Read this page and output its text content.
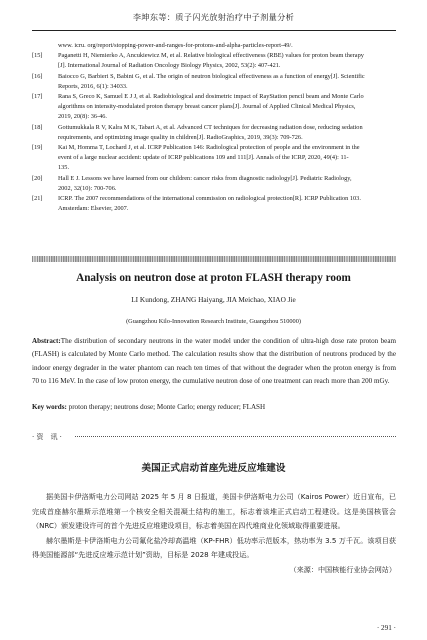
李坤东等：质子闪光放射治疗中子剂量分析
www. icru. org/report/stopping-power-and-ranges-for-protons-and-alpha-particles-report-49/.
[15]	Paganetti H, Niemierko A, Ancukiewicz M, et al. Relative biological effectiveness (RBE) values for proton beam therapy
[J]. International Journal of Radiation Oncology Biology Physics, 2002, 53(2): 407-421.
[16]	Baiocco G, Barbieri S, Babini G, et al. The origin of neutron biological effectiveness as a function of energy[J]. Scientific
Reports, 2016, 6(1): 34033.
[17]	Rana S, Greco K, Samuel E J J, et al. Radiobiological and dosimetric impact of RayStation pencil beam and Monte Carlo
algorithms on intensity-modulated proton therapy breast cancer plans[J]. Journal of Applied Clinical Medical Physics,
2019, 20(8): 36-46.
[18]	Gottumukkala R V, Kalra M K, Tabari A, et al. Advanced CT techniques for decreasing radiation dose, reducing sedation
requirements, and optimizing image quality in children[J]. RadioGraphics, 2019, 39(3): 709-726.
[19]	Kai M, Homma T, Lochard J, et al. ICRP Publication 146: Radiological protection of people and the environment in the
event of a large nuclear accident: update of ICRP publications 109 and 111[J]. Annals of the ICRP, 2020, 49(4): 11-
135.
[20]	Hall E J. Lessons we have learned from our children: cancer risks from diagnostic radiology[J]. Pediatric Radiology,
2002, 32(10): 700-706.
[21]	ICRP. The 2007 recommendations of the international commission on radiological protection[R]. ICRP Publication 103.
Amsterdam: Elsevier, 2007.
Analysis on neutron dose at proton FLASH therapy room
LI Kundong, ZHANG Haiyang, JIA Meichao, XIAO Jie
(Guangzhou Kilo-Innovation Research Institute, Guangzhou 510000)
Abstract:The distribution of secondary neutrons in the water model under the condition of ultra-high dose rate proton beam (FLASH) is calculated by Monte Carlo method. The calculation results show that the distribution of neutrons produced by the indoor energy degrader in the water phantom can reach ten times of that without the degrader when the proton energy is from 70 to 116 MeV. In the case of low proton energy, the cumulative neutron dose of one treatment can reach more than 200 mGy.
Key words: proton therapy; neutrons dose; Monte Carlo; energy reducer; FLASH
· 资　讯 ·
美国正式启动首座先进反应堆建设

据美国卡伊洛斯电力公司网站 2025 年 5 月 8 日报道，美国卡伊洛斯电力公司（Kairos Power）近日宣布，已完成首座赫尔墨斯示范堆第一个核安全相关混凝土结构的施工，标志着该堆正式启动工程建设。这是美国核管会（NRC）颁发建设许可的首个先进反应堆建设项目，标志着美国在四代堆商业化领域取得重要进展。

赫尔墨斯是卡伊洛斯电力公司氟化盐冷却高温堆（KP-FHR）低功率示范版本，热功率为 3.5 万千瓦。该项目获得美国能源部“先进反应堆示范计划”资助，目标是 2028 年建成投运。

（来源：中国核能行业协会网站）
· 291 ·
